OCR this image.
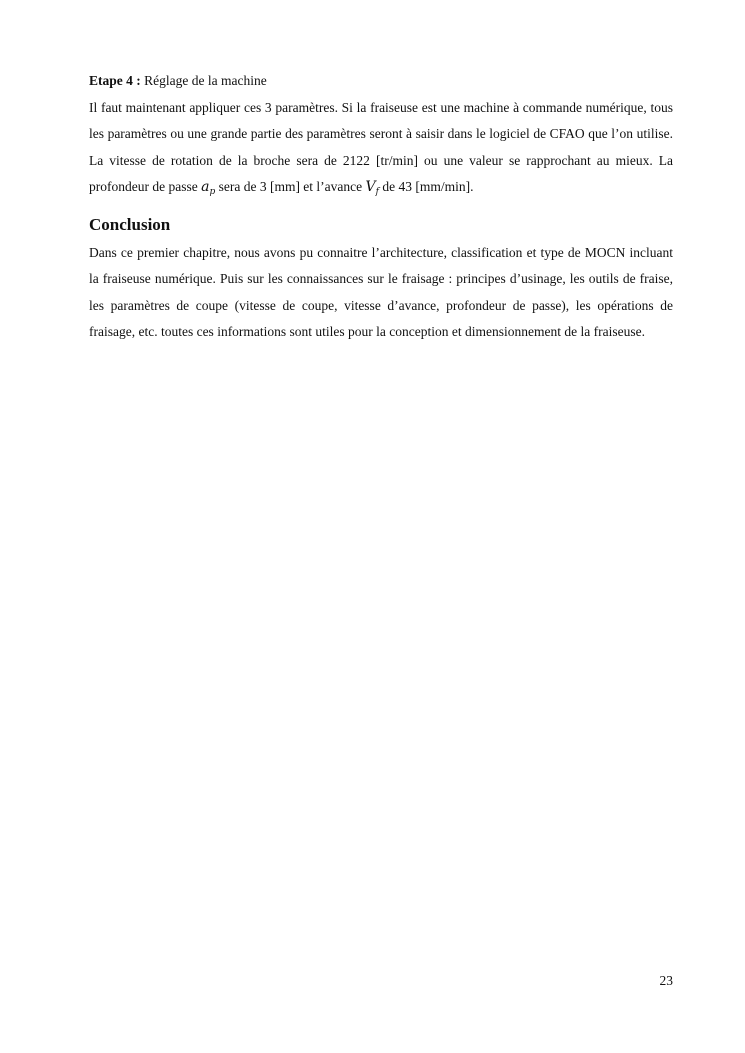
Etape 4 : Réglage de la machine

Il faut maintenant appliquer ces 3 paramètres. Si la fraiseuse est une machine à commande numérique, tous les paramètres ou une grande partie des paramètres seront à saisir dans le logiciel de CFAO que l’on utilise. La vitesse de rotation de la broche sera de 2122 [tr/min] ou une valeur se rapprochant au mieux. La profondeur de passe $a_p$ sera de 3 [mm] et l’avance $V_f$ de 43 [mm/min].

Conclusion

Dans ce premier chapitre, nous avons pu connaitre l’architecture, classification et type de MOCN incluant la fraiseuse numérique. Puis sur les connaissances sur le fraisage : principes d’usinage, les outils de fraise, les paramètres de coupe (vitesse de coupe, vitesse d’avance, profondeur de passe), les opérations de fraisage, etc. toutes ces informations sont utiles pour la conception et dimensionnement de la fraiseuse.

23
